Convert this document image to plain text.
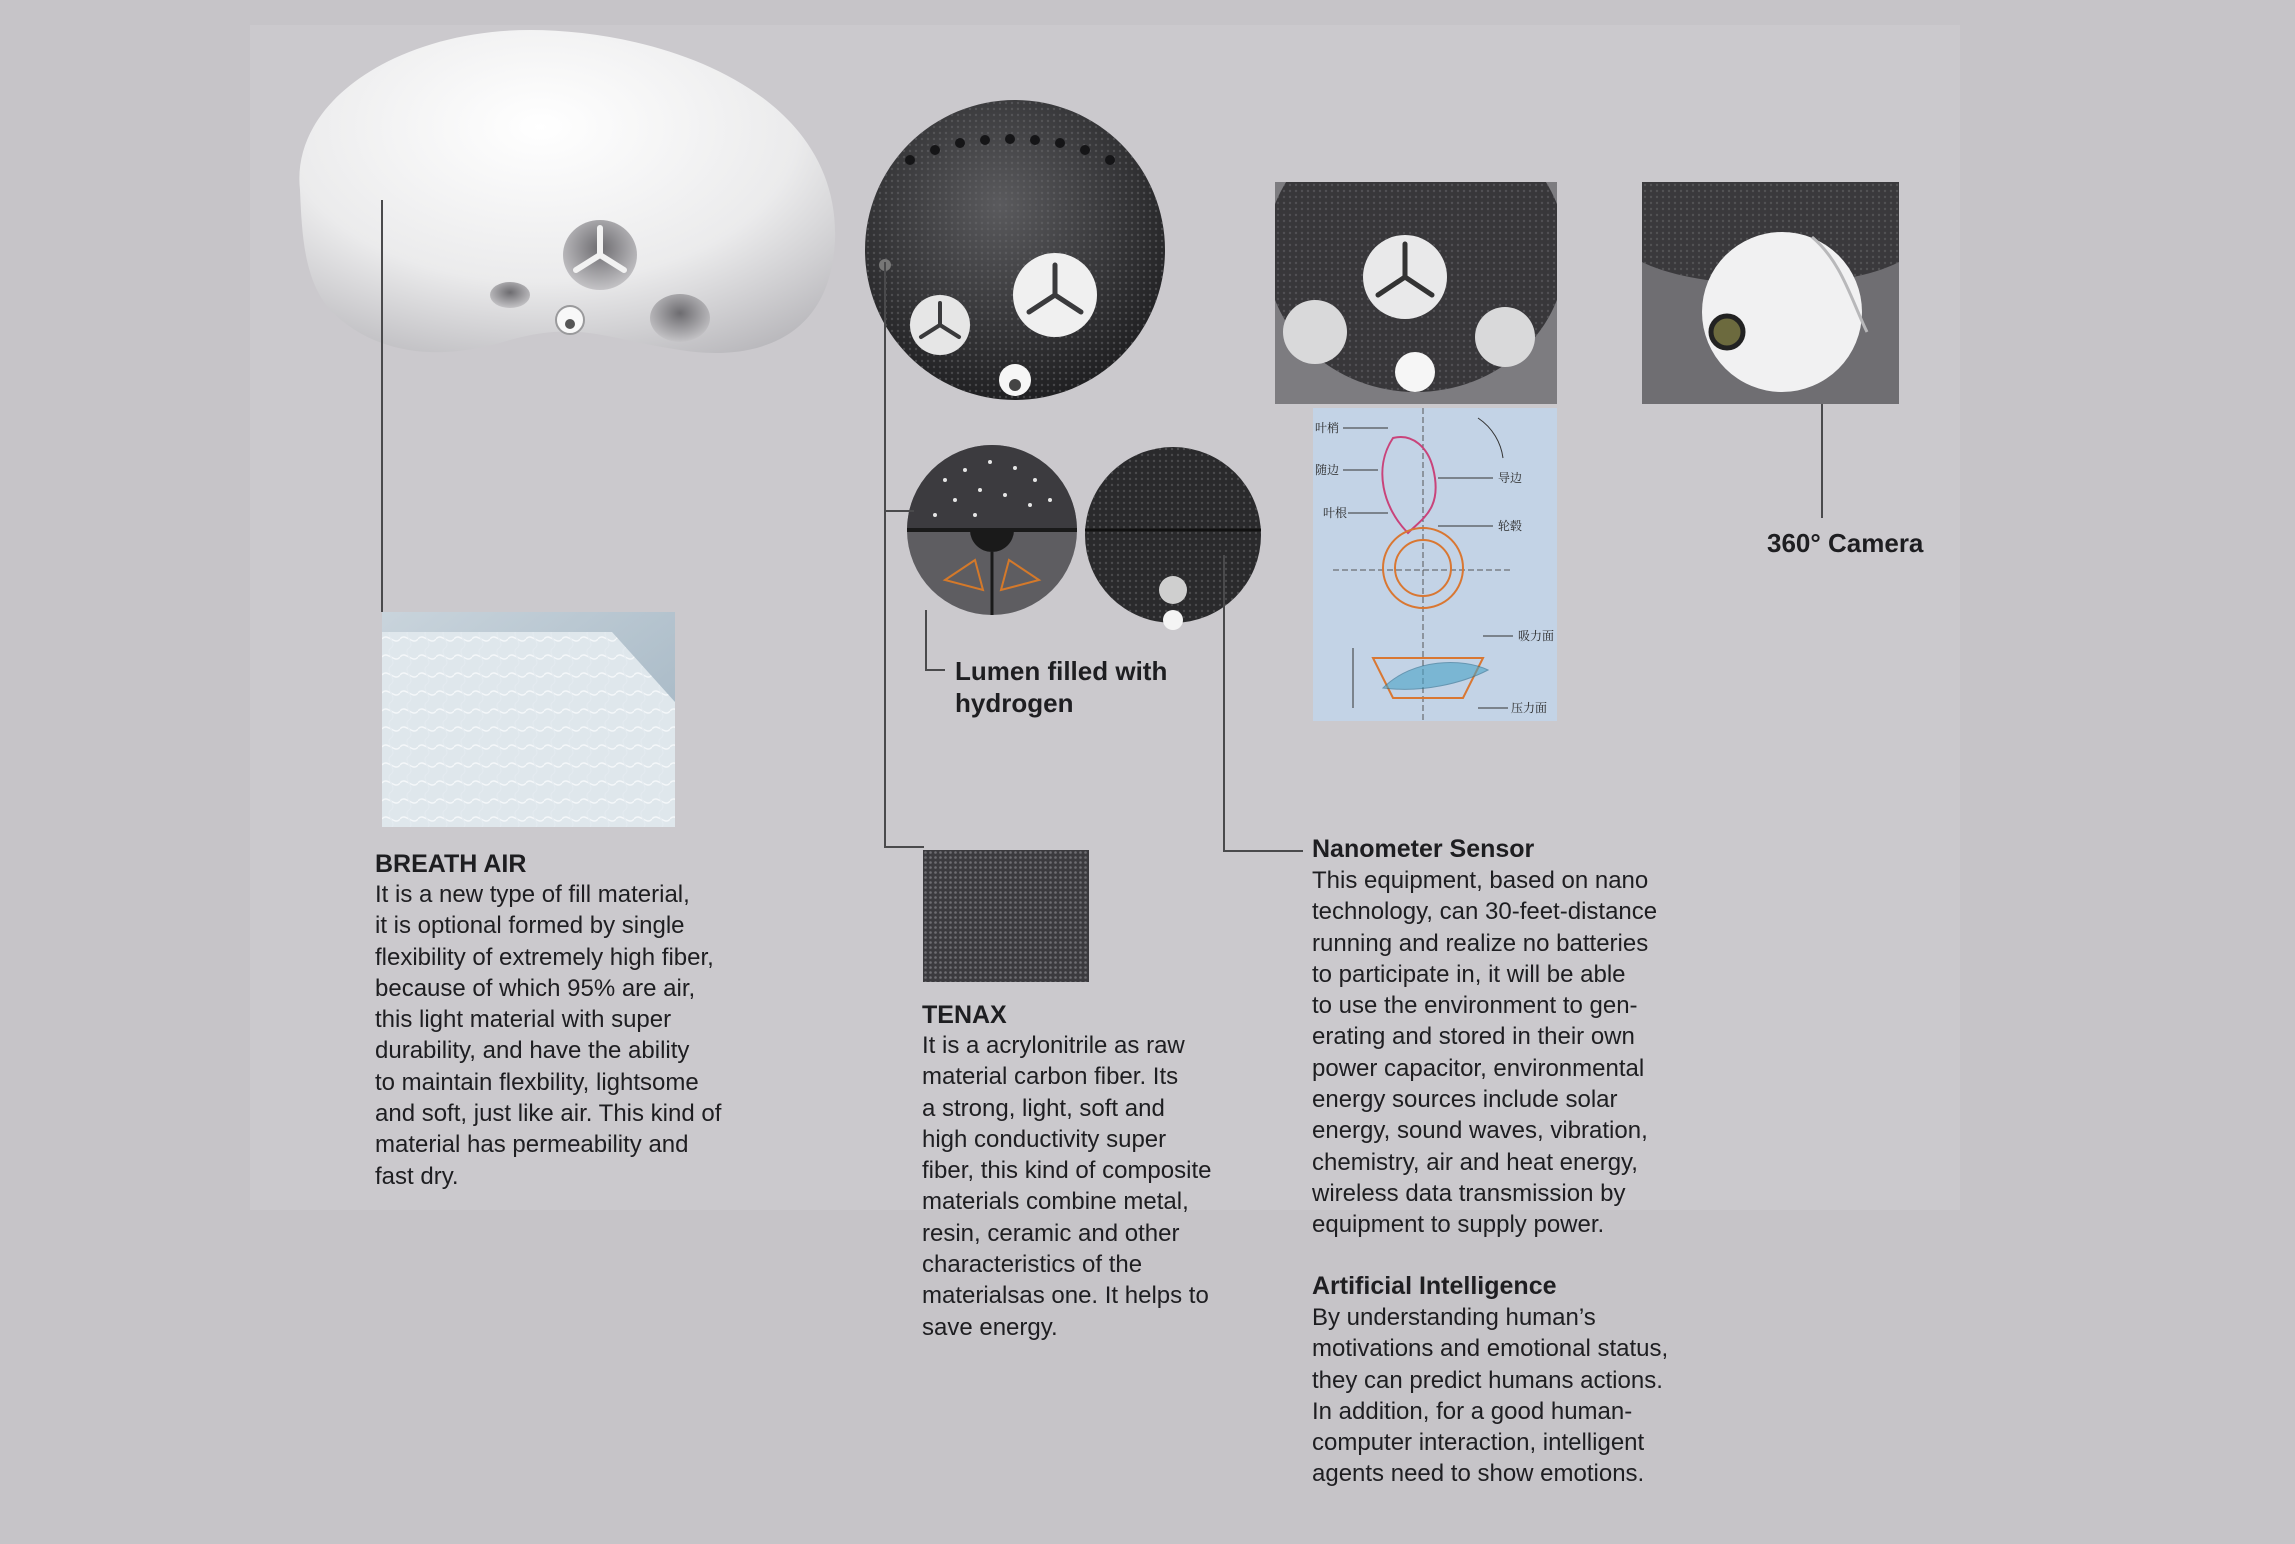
叶梢
随边
叶根
导边
轮毂
吸力面
压力面
360° Camera
Lumen filled with
hydrogen
BREATH AIR
It is a new type of fill material,
it is optional formed by single
flexibility of extremely high fiber,
because of which 95% are air,
this light material with super
durability, and have the ability
to maintain flexbility, lightsome
and soft, just like air. This kind of
material has permeability and
fast dry.
TENAX
It is a acrylonitrile as raw
material carbon fiber. Its
a strong, light, soft and
high conductivity super
fiber, this kind of composite
materials combine metal,
resin, ceramic and other
characteristics of the
materialsas one. It helps to
save energy.
Nanometer Sensor
This equipment, based on nano
technology, can 30-feet-distance
running and realize no batteries
to participate in, it will be able
to use the environment to gen-
erating and stored in their own
power capacitor, environmental
energy sources include solar
energy, sound waves, vibration,
chemistry, air and heat energy,
wireless data transmission by
equipment to supply power.
Artificial Intelligence
By understanding human’s
motivations and emotional status,
they can predict humans actions.
In addition, for a good human-
computer interaction, intelligent
agents need to show emotions.
